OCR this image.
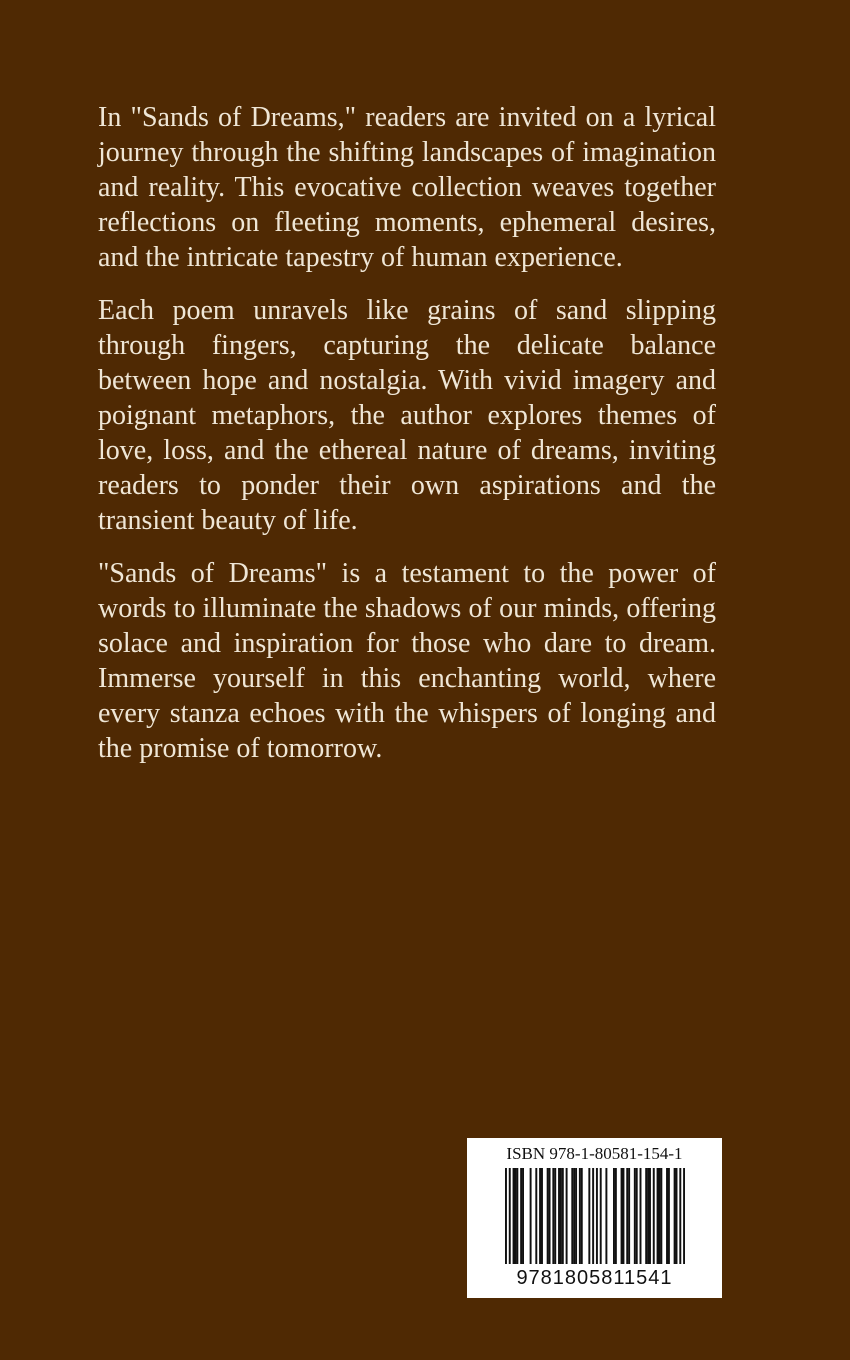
In "Sands of Dreams," readers are invited on a lyrical journey through the shifting landscapes of imagination and reality. This evocative collection weaves together reflections on fleeting moments, ephemeral desires, and the intricate tapestry of human experience.

Each poem unravels like grains of sand slipping through fingers, capturing the delicate balance between hope and nostalgia. With vivid imagery and poignant metaphors, the author explores themes of love, loss, and the ethereal nature of dreams, inviting readers to ponder their own aspirations and the transient beauty of life.

"Sands of Dreams" is a testament to the power of words to illuminate the shadows of our minds, offering solace and inspiration for those who dare to dream. Immerse yourself in this enchanting world, where every stanza echoes with the whispers of longing and the promise of tomorrow.

ISBN 978-1-80581-154-1
9781805811541
